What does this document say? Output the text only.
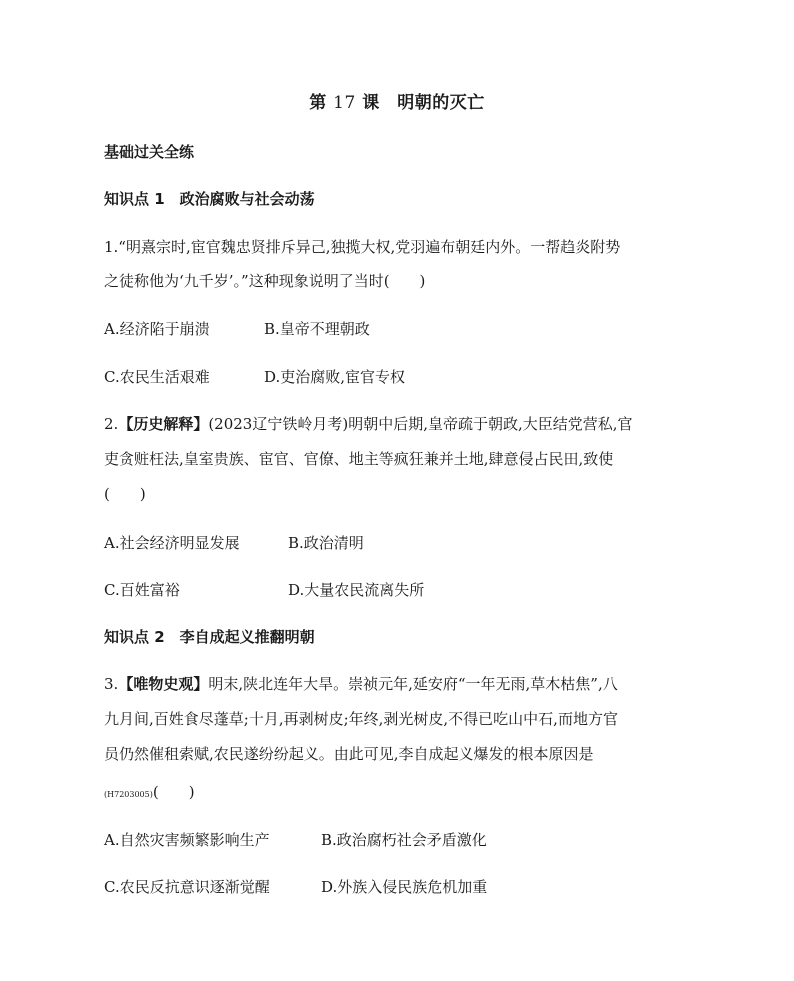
第 17 课　明朝的灭亡
基础过关全练
知识点 1　政治腐败与社会动荡
1.“明熹宗时,宦官魏忠贤排斥异己,独揽大权,党羽遍布朝廷内外。一帮趋炎附势
之徒称他为‘九千岁’。”这种现象说明了当时(　　)
A.经济陷于崩溃	B.皇帝不理朝政
C.农民生活艰难	D.吏治腐败,宦官专权
2.【历史解释】(2023辽宁铁岭月考)明朝中后期,皇帝疏于朝政,大臣结党营私,官
吏贪赃枉法,皇室贵族、宦官、官僚、地主等疯狂兼并土地,肆意侵占民田,致使
(　　)
A.社会经济明显发展	B.政治清明
C.百姓富裕	D.大量农民流离失所
知识点 2　李自成起义推翻明朝
3.【唯物史观】明末,陕北连年大旱。崇祯元年,延安府“一年无雨,草木枯焦”,八
九月间,百姓食尽蓬草;十月,再剥树皮;年终,剥光树皮,不得已吃山中石,而地方官
员仍然催租索赋,农民遂纷纷起义。由此可见,李自成起义爆发的根本原因是
(H7203005)(　　)
A.自然灾害频繁影响生产	B.政治腐朽社会矛盾激化
C.农民反抗意识逐渐觉醒	D.外族入侵民族危机加重
